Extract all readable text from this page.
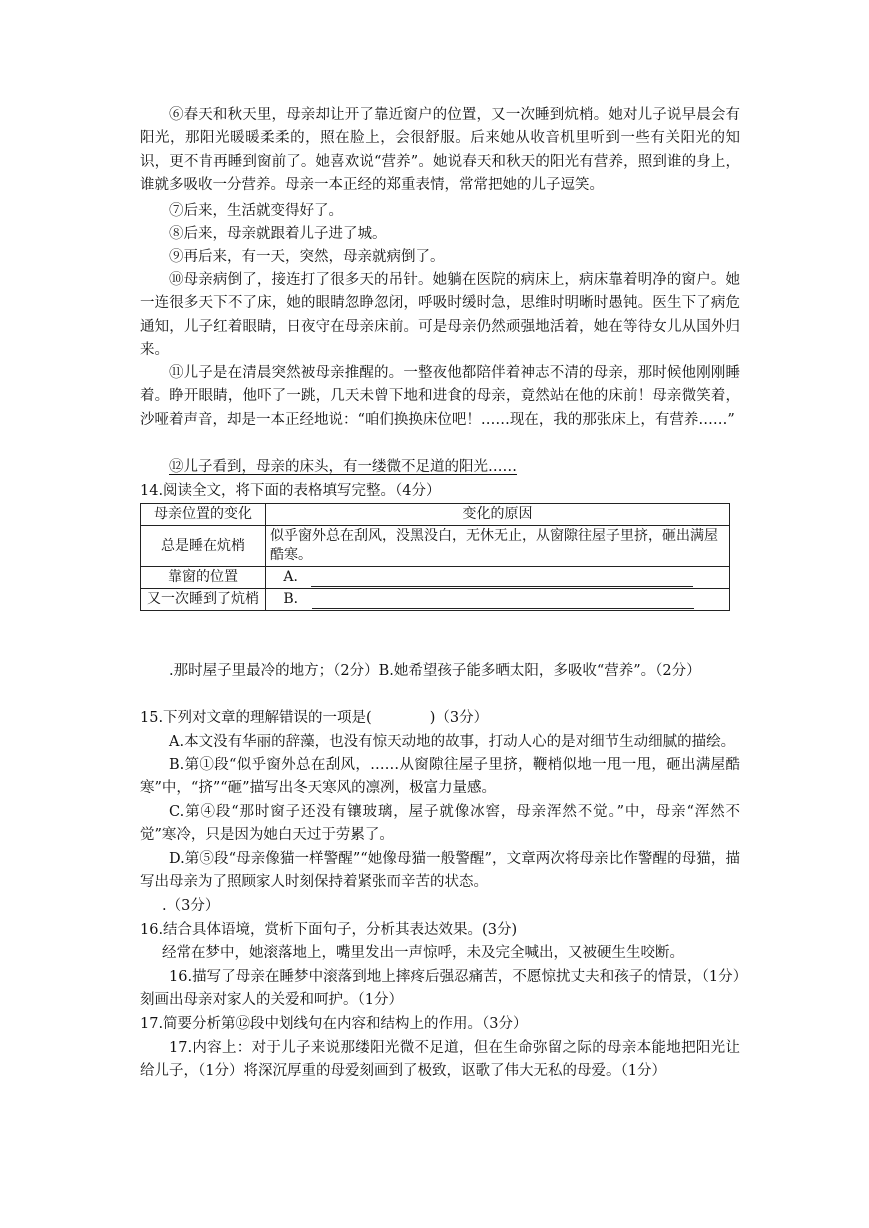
⑥春天和秋天里，母亲却让开了靠近窗户的位置，又一次睡到炕梢。她对儿子说早晨会有阳光，那阳光暖暖柔柔的，照在脸上，会很舒服。后来她从收音机里听到一些有关阳光的知识，更不肯再睡到窗前了。她喜欢说“营养”。她说春天和秋天的阳光有营养，照到谁的身上，谁就多吸收一分营养。母亲一本正经的郑重表情，常常把她的儿子逗笑。

⑦后来，生活就变得好了。

⑧后来，母亲就跟着儿子进了城。

⑨再后来，有一天，突然，母亲就病倒了。

⑩母亲病倒了，接连打了很多天的吊针。她躺在医院的病床上，病床靠着明净的窗户。她一连很多天下不了床，她的眼睛忽睁忽闭，呼吸时缓时急，思维时明晰时愚钝。医生下了病危通知，儿子红着眼睛，日夜守在母亲床前。可是母亲仍然顽强地活着，她在等待女儿从国外归来。

⑪儿子是在清晨突然被母亲推醒的。一整夜他都陪伴着神志不清的母亲，那时候他刚刚睡着。睁开眼睛，他吓了一跳，几天未曾下地和进食的母亲，竟然站在他的床前！母亲微笑着，沙哑着声音，却是一本正经地说：“咱们换换床位吧！……现在，我的那张床上，有营养……”

⑫儿子看到，母亲的床头，有一缕微不足道的阳光……

14.阅读全文，将下面的表格填写完整。（4分）

母亲位置的变化	变化的原因
总是睡在炕梢	似乎窗外总在刮风，没黑没白，无休无止，从窗隙往屋子里挤，砸出满屋酷寒。
靠窗的位置	A．
又一次睡到了炕梢	B．

.那时屋子里最冷的地方；（2分）B.她希望孩子能多晒太阳，多吸收“营养”。（2分）

15.下列对文章的理解错误的一项是(　　　　)（3分）

A.本文没有华丽的辞藻，也没有惊天动地的故事，打动人心的是对细节生动细腻的描绘。

B.第①段“似乎窗外总在刮风，……从窗隙往屋子里挤，鞭梢似地一甩一甩，砸出满屋酷寒”中，“挤”“砸”描写出冬天寒风的凛冽，极富力量感。

C.第④段“那时窗子还没有镶玻璃，屋子就像冰窖，母亲浑然不觉。”中，母亲“浑然不觉”寒冷，只是因为她白天过于劳累了。

D.第⑤段“母亲像猫一样警醒”“她像母猫一般警醒”，文章两次将母亲比作警醒的母猫，描写出母亲为了照顾家人时刻保持着紧张而辛苦的状态。

.（3分）

16.结合具体语境，赏析下面句子，分析其表达效果。(3分)

经常在梦中，她滚落地上，嘴里发出一声惊呼，未及完全喊出，又被硬生生咬断。

16.描写了母亲在睡梦中滚落到地上摔疼后强忍痛苦，不愿惊扰丈夫和孩子的情景，（1分）刻画出母亲对家人的关爱和呵护。（1分）

17.简要分析第⑫段中划线句在内容和结构上的作用。（3分）

17.内容上：对于儿子来说那缕阳光微不足道，但在生命弥留之际的母亲本能地把阳光让给儿子，（1分）将深沉厚重的母爱刻画到了极致，讴歌了伟大无私的母爱。（1分）
